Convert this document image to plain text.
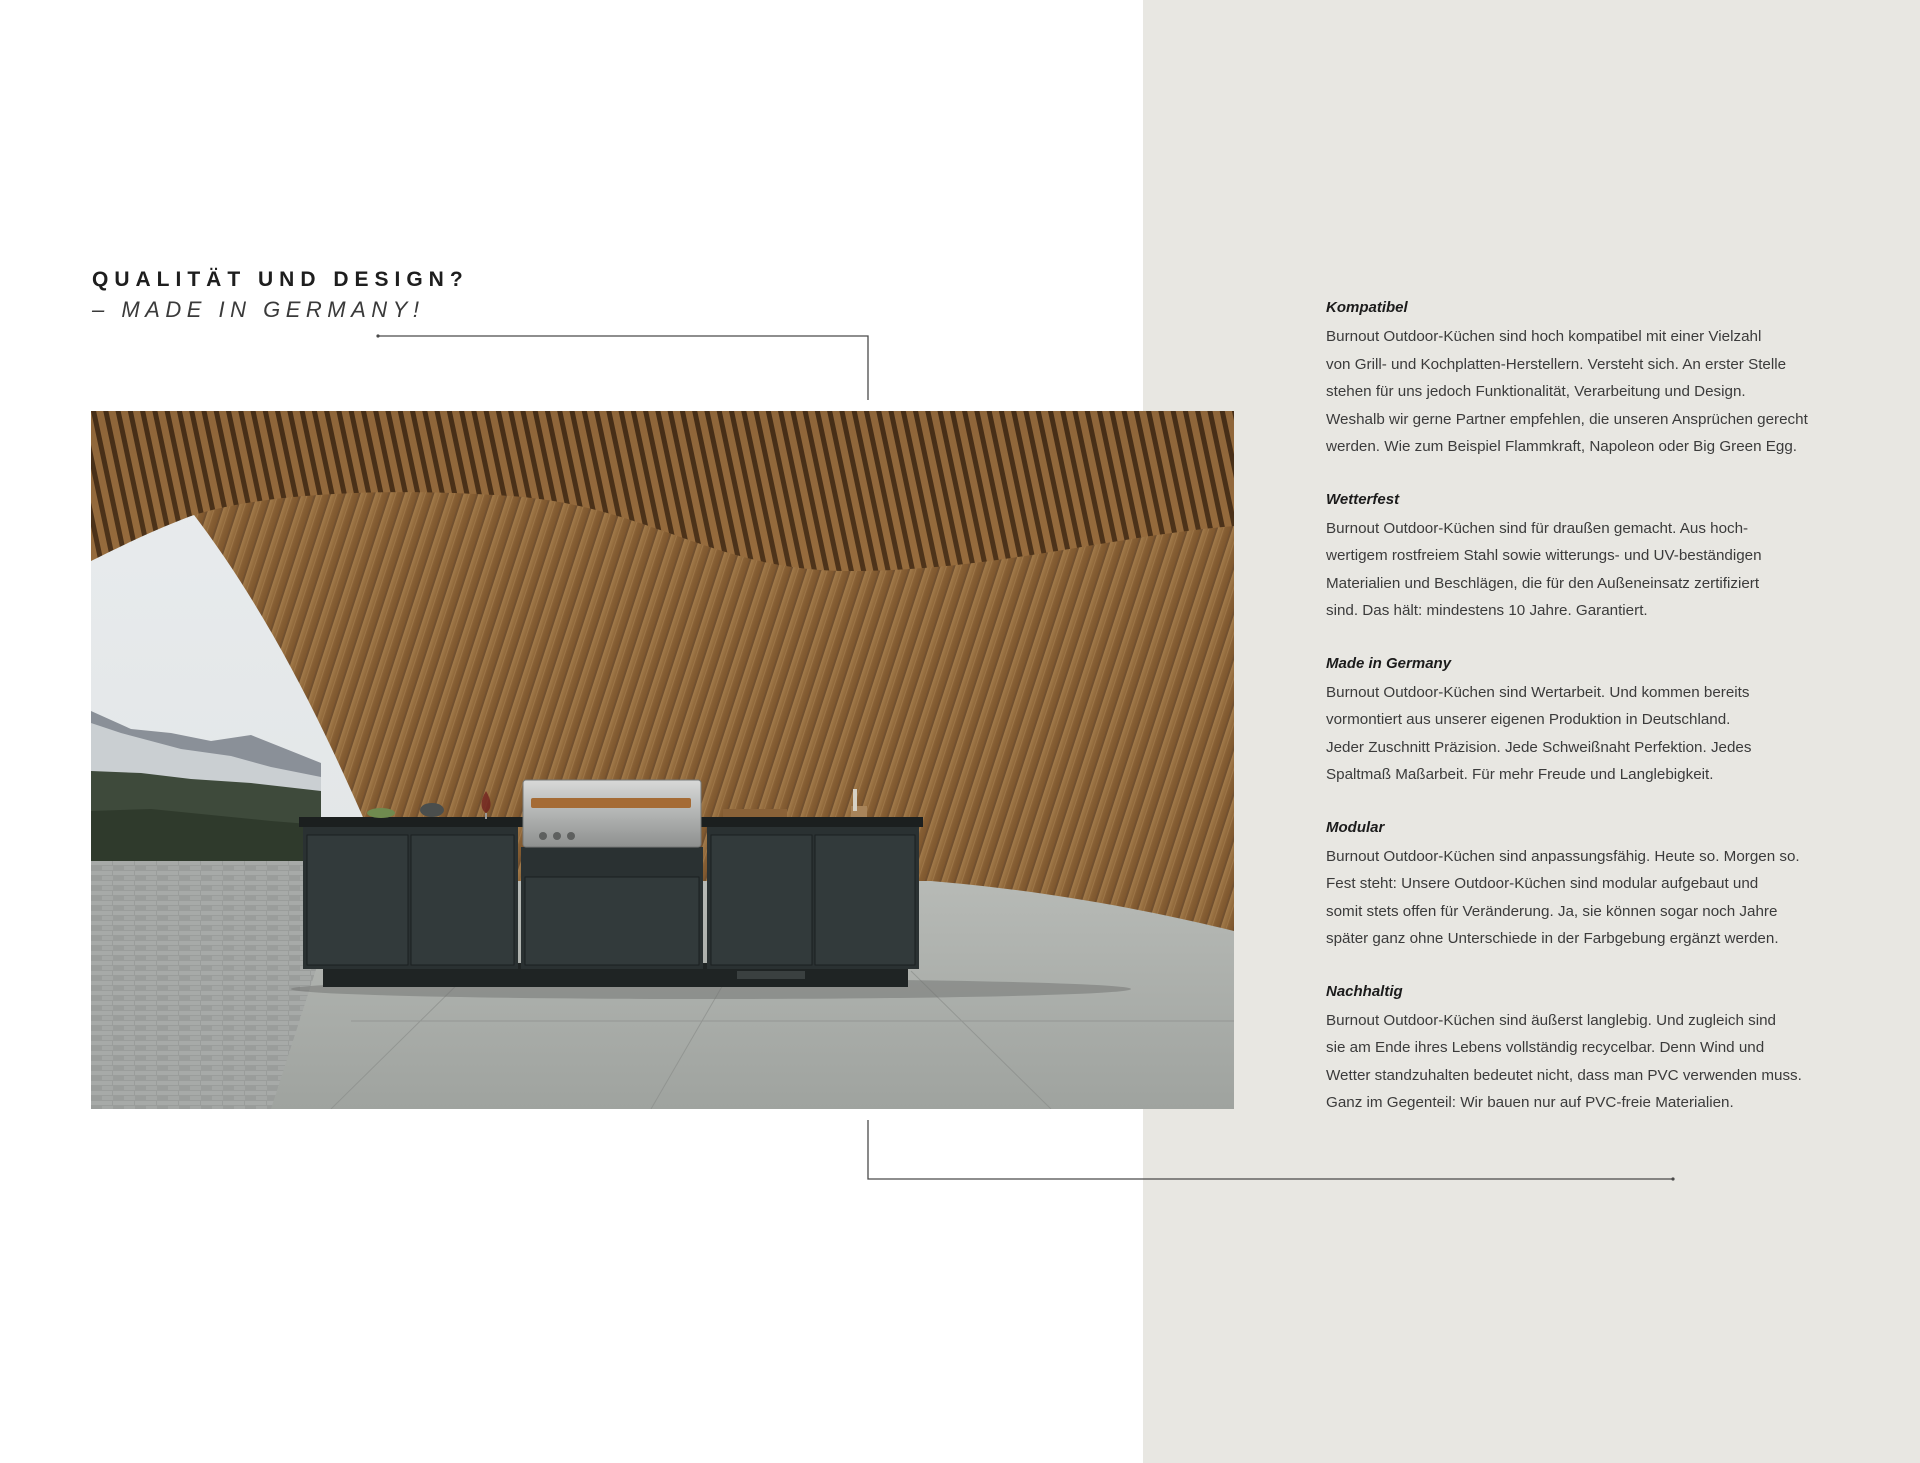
QUALITÄT UND DESIGN?
– MADE IN GERMANY!	Kompatibel
Burnout Outdoor-Küchen sind hoch kompatibel mit einer Vielzahl
von Grill- und Kochplatten-Herstellern. Versteht sich. An erster Stelle
stehen für uns jedoch Funktionalität, Verarbeitung und Design.
Weshalb wir gerne Partner empfehlen, die unseren Ansprüchen gerecht
werden. Wie zum Beispiel Flammkraft, Napoleon oder Big Green Egg.
Wetterfest
Burnout Outdoor-Küchen sind für draußen gemacht. Aus hoch-
wertigem rostfreiem Stahl sowie witterungs- und UV-beständigen
Materialien und Beschlägen, die für den Außeneinsatz zertifiziert
sind. Das hält: mindestens 10 Jahre. Garantiert.
Made in Germany
Burnout Outdoor-Küchen sind Wertarbeit. Und kommen bereits
vormontiert aus unserer eigenen Produktion in Deutschland.
Jeder Zuschnitt Präzision. Jede Schweißnaht Perfektion. Jedes
Spaltmaß Maßarbeit. Für mehr Freude und Langlebigkeit.
Modular
Burnout Outdoor-Küchen sind anpassungsfähig. Heute so. Morgen so.
Fest steht: Unsere Outdoor-Küchen sind modular aufgebaut und
somit stets offen für Veränderung. Ja, sie können sogar noch Jahre
später ganz ohne Unterschiede in der Farbgebung ergänzt werden.
Nachhaltig
Burnout Outdoor-Küchen sind äußerst langlebig. Und zugleich sind
sie am Ende ihres Lebens vollständig recycelbar. Denn Wind und
Wetter standzuhalten bedeutet nicht, dass man PVC verwenden muss.
Ganz im Gegenteil: Wir bauen nur auf PVC-freie Materialien.
